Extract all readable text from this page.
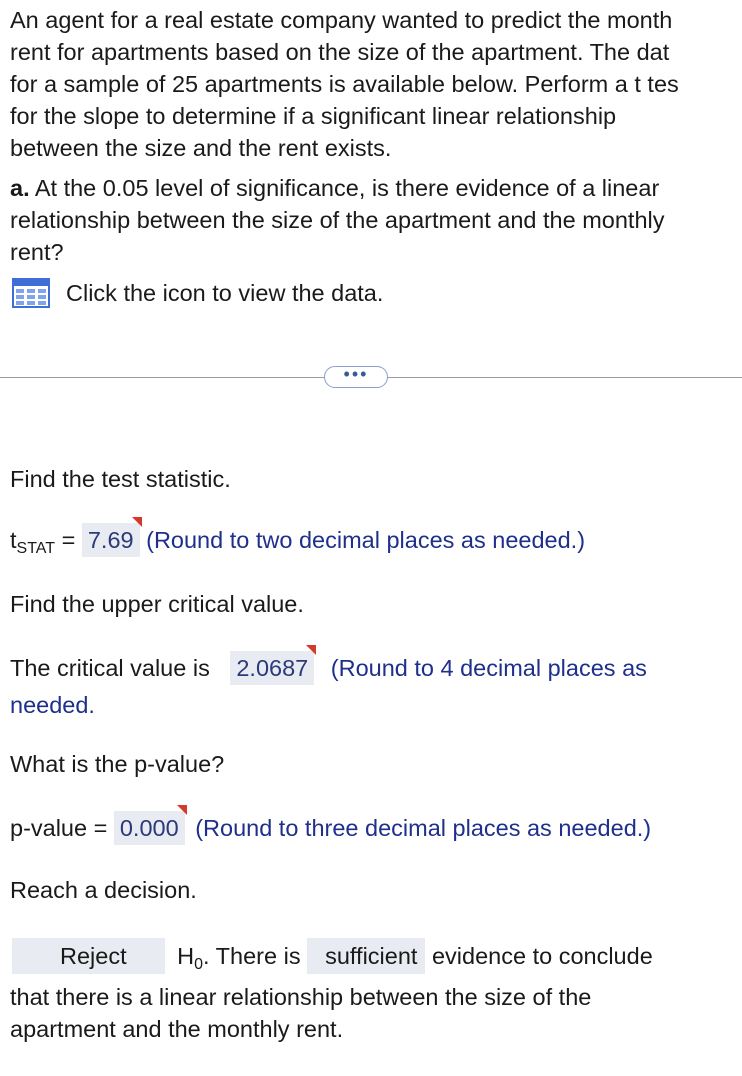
An agent for a real estate company wanted to predict the month
rent for apartments based on the size of the apartment. The dat
for a sample of 25 apartments is available below. Perform a t tes
for the slope to determine if a significant linear relationship
between the size and the rent exists.
a. At the 0.05 level of significance, is there evidence of a linear
relationship between the size of the apartment and the monthly
rent?
Click the icon to view the data.
•••
Find the test statistic.
$t_{STAT} = 7.69$ (Round to two decimal places as needed.)
Find the upper critical value.
The critical value is 2.0687 (Round to 4 decimal places as
needed.
What is the p-value?
p-value = 0.000 (Round to three decimal places as needed.)
Reach a decision.
Reject $H_0$. There is sufficient evidence to conclude
that there is a linear relationship between the size of the
apartment and the monthly rent.
